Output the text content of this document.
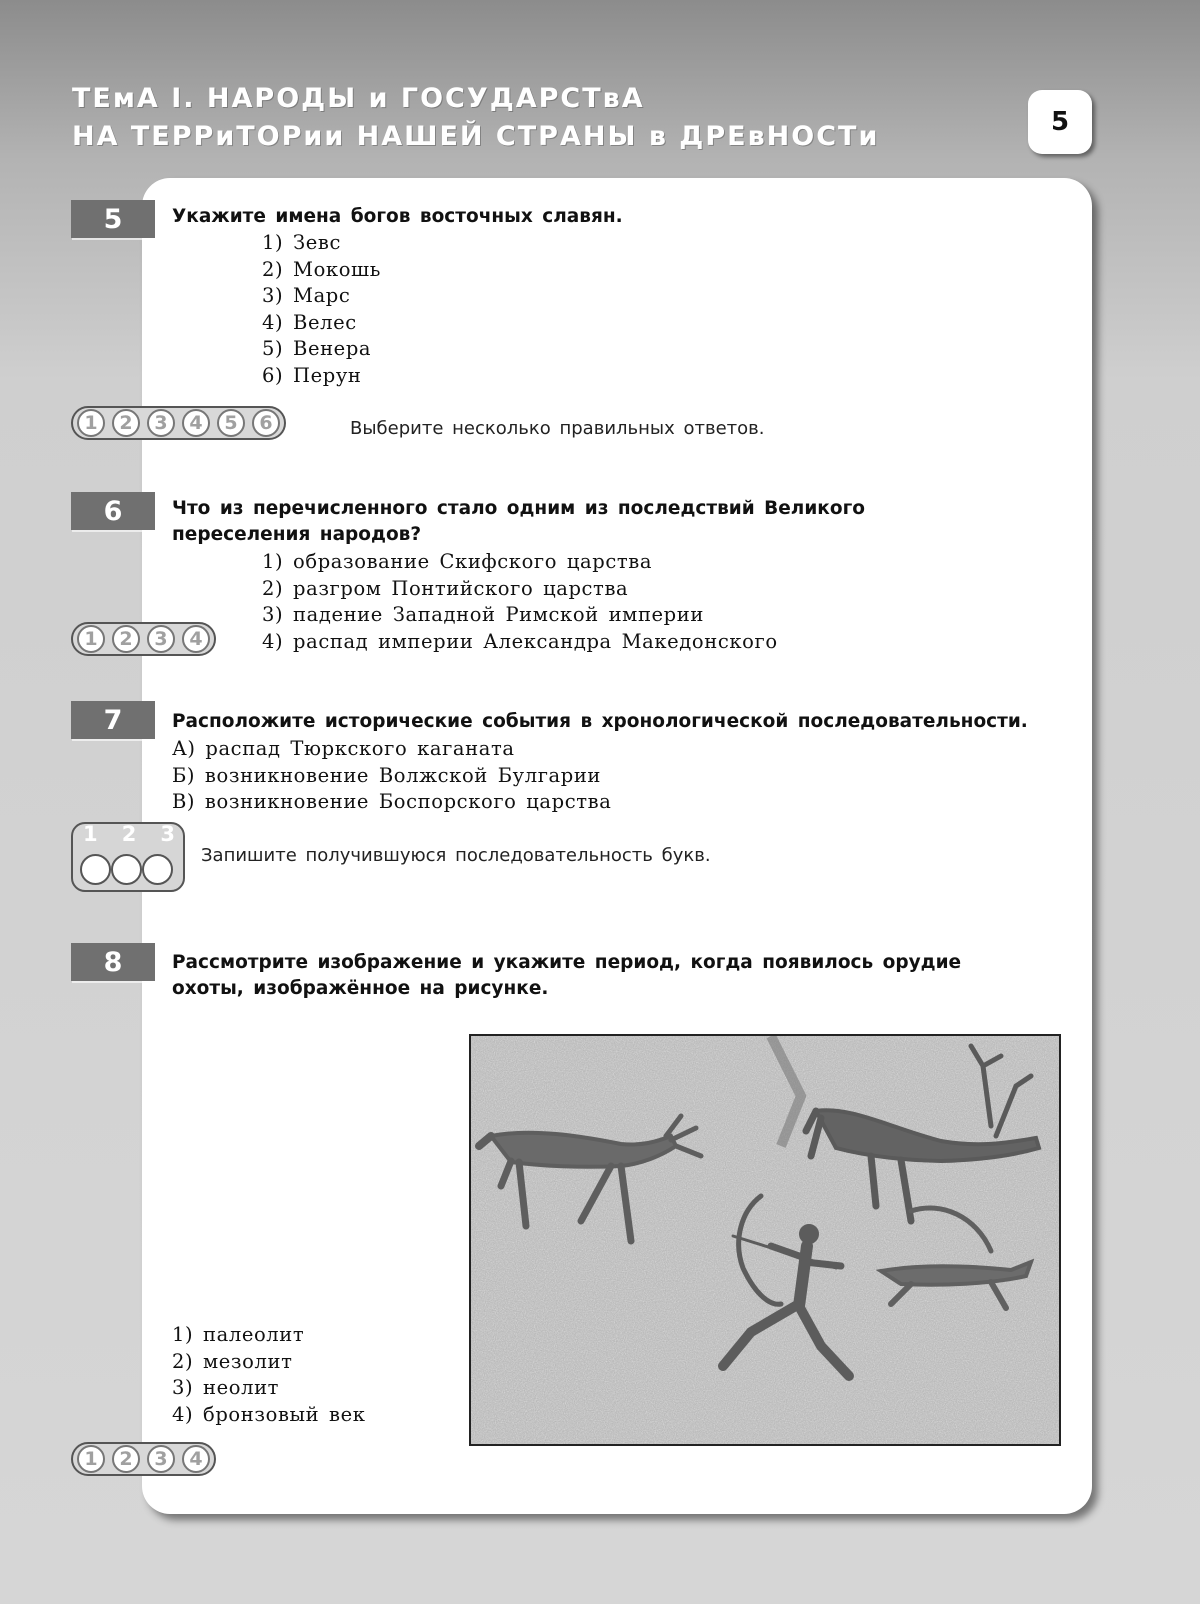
ТЕмА I. НАРОДЫ и ГОСУДАРСТвА
НА ТЕРРиТОРии НАШЕЙ СТРАНЫ в ДРЕвНОСТи	5
5	Укажите имена богов восточных славян.
1) Зевс
2) Мокошь
3) Марс
4) Велес
5) Венера
6) Перун
1	2	3	4	5	6	Выберите несколько правильных ответов.
6	Что из перечисленного стало одним из последствий Великого переселения народов?
1) образование Скифского царства
2) разгром Понтийского царства
3) падение Западной Римской империи
4) распад империи Александра Македонского
1	2	3	4
7	Расположите исторические события в хронологической последовательности.
А) распад Тюркского каганата
Б) возникновение Волжской Булгарии
В) возникновение Боспорского царства
1 2 3
Запишите получившуюся последовательность букв.
8	Рассмотрите изображение и укажите период, когда появилось орудие охоты, изображённое на рисунке.
1) палеолит
2) мезолит
3) неолит
4) бронзовый век
1	2	3	4
